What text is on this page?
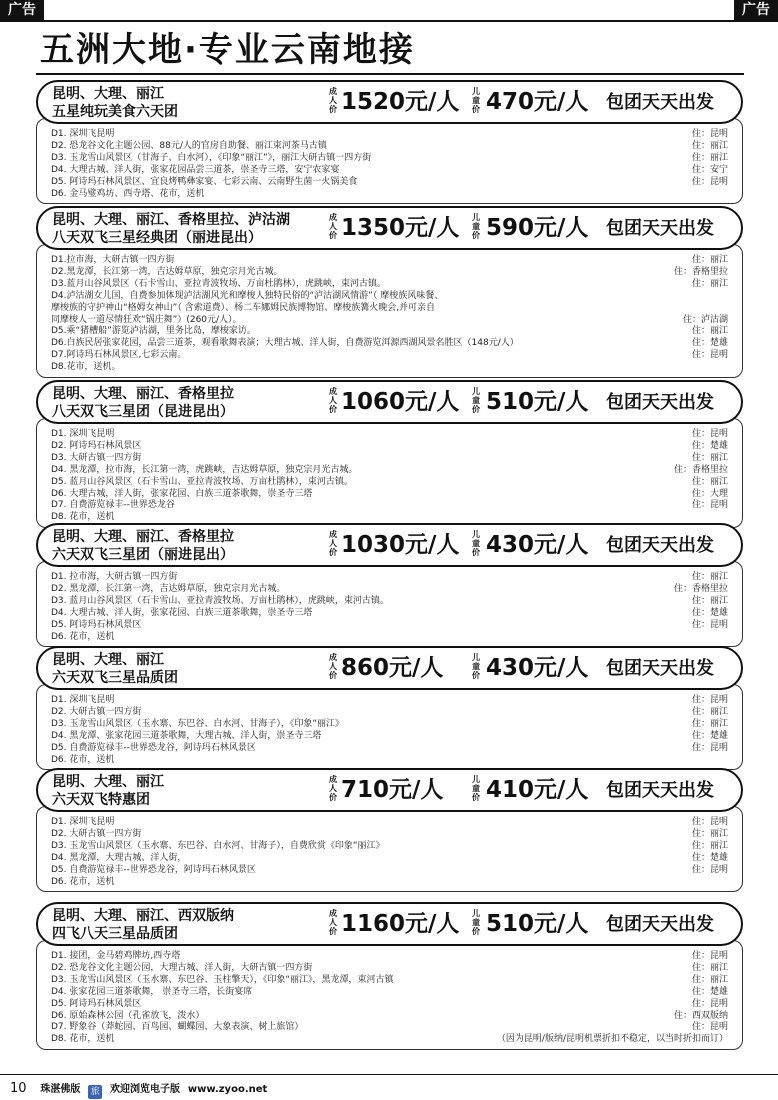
广告	广告
五洲大地·专业云南地接
昆明、大理、丽江
五星纯玩美食六天团
成人价 1520元/人 儿童价 470元/人 包团天天出发
D1. 深圳飞昆明	住：昆明
D2. 恐龙谷文化主题公园、88元/人的官房自助餐、丽江束河茶马古镇	住：丽江
D3. 玉龙雪山风景区（甘海子、白水河），《印象“丽江”》，丽江大研古镇一四方街	住：丽江
D4. 大理古城、洋人街，张家花园品尝三道茶，崇圣寺三塔，安宁农家宴	住：安宁
D5. 阿诗玛石林风景区、宜良烤鸭彝家宴、七彩云南、云南野生菌一火锅美食	住：昆明
D6. 金马璧鸡坊、西寺塔、花市，送机
昆明、大理、丽江、香格里拉、泸沽湖
八天双飞三星经典团（丽进昆出）
成人价 1350元/人 儿童价 590元/人 包团天天出发
D1.拉市海，大研古镇一四方街	住：丽江
D2.黑龙潭，长江第一湾，吉达姆草原，独克宗月光古城。	住：香格里拉
D3.蓝月山谷风景区（石卡雪山、亚拉青波牧场、万亩杜鹃林），虎跳峡，束河古镇。	住：丽江
D4.泸沽湖女儿国，自费参加体现泸沽湖风光和摩梭人独特民俗的“泸沽湖风情游”（ 摩梭族风味餐、
摩梭族的守护神山“格姆女神山”（ 含索道费）、杨二车娜姆民族博物馆、摩梭族篝火晚会,并可亲自
同摩梭人一道尽情狂欢“锅庄舞”）(260元/人）。	住：泸沽湖
D5.乘“猪槽船”游览泸沽湖，里务比岛，摩梭家访。	住：丽江
D6.白族民居张家花园，品尝三道茶，观看歌舞表演；大理古城、洋人街，自费游览洱源西湖风景名胜区（148元/人）	住：楚雄
D7.阿诗玛石林风景区,七彩云南。	住：昆明
D8.花市，送机。
昆明、大理、丽江、香格里拉
八天双飞三星团（昆进昆出）
成人价 1060元/人 儿童价 510元/人 包团天天出发
D1. 深圳飞昆明	住：昆明
D2. 阿诗玛石林风景区	住：楚雄
D3. 大研古镇一四方街	住：丽江
D4. 黑龙潭，拉市海，长江第一湾，虎跳峡，吉达姆草原，独克宗月光古城。	住：香格里拉
D5. 蓝月山谷风景区（石卡雪山、亚拉青波牧场、万亩杜鹃林），束河古镇。	住：丽江
D6. 大理古城，洋人街，张家花园、白族三道茶歌舞，崇圣寺三塔	住：大理
D7. 自费游览禄丰--世界恐龙谷	住：昆明
D8. 花市，送机
昆明、大理、丽江、香格里拉
六天双飞三星团（丽进昆出）
成人价 1030元/人 儿童价 430元/人 包团天天出发
D1. 拉市海，大研古镇一四方街	住：丽江
D2. 黑龙潭，长江第一湾，吉达姆草原，独克宗月光古城。	住：香格里拉
D3. 蓝月山谷风景区（石卡雪山、亚拉青波牧场、万亩杜鹃林），虎跳峡，束河古镇。	住：丽江
D4. 大理古城、洋人街，张家花园、白族三道茶歌舞，崇圣寺三塔	住：楚雄
D5. 阿诗玛石林风景区	住：昆明
D6. 花市，送机
昆明、大理、丽江
六天双飞三星品质团
成人价 860元/人	儿童价 430元/人 包团天天出发
D1. 深圳飞昆明	住：昆明
D2. 大研古镇一四方街	住：丽江
D3. 玉龙雪山风景区（玉水寨、东巴谷、白水河、甘海子），《印象“丽江》	住：丽江
D4. 黑龙潭、张家花园三道茶歌舞，大理古城、洋人街，崇圣寺三塔	住：楚雄
D5. 自费游览禄丰--世界恐龙谷，阿诗玛石林风景区	住：昆明
D6. 花市，送机
昆明、大理、丽江
六天双飞特惠团
成人价 710元/人	儿童价 410元/人 包团天天出发
D1. 深圳飞昆明	住：昆明
D2. 大研古镇一四方街	住：丽江
D3. 玉龙雪山风景区（玉水寨、东巴谷、白水河、甘海子），自费欣赏《印象“丽江》	住：丽江
D4. 黑龙潭，大理古城、洋人街，	住：楚雄
D5. 自费游览禄丰--世界恐龙谷，阿诗玛石林风景区	住：昆明
D6. 花市，送机
昆明、大理、丽江、西双版纳
四飞八天三星品质团
成人价 1160元/人 儿童价 510元/人 包团天天出发
D1. 接团，金马碧鸡牌坊,西寺塔	住：昆明
D2. 恐龙谷文化主题公园，大理古城、洋人街，大研古镇一四方街	住：丽江
D3. 玉龙雪山风景区（玉水寨、东巴谷、玉柱擎天），《印象“丽江》，黑龙潭，束河古镇	住：丽江
D4. 张家花园三道茶歌舞， 崇圣寺三塔，长街宴席	住：楚雄
D5. 阿诗玛石林风景区	住：昆明
D6. 原始森林公园（孔雀放飞，泼水）	住：西双版纳
D7. 野象谷（莽蛇园、百鸟园、蝴蝶园、大象表演、树上旅馆）	住：昆明
D8. 花市，送机	（因为昆明/版纳/昆明机票折扣不稳定，以当时折扣而订）
10 珠湛佛版 旅 欢迎浏览电子版 www.zyoo.net
